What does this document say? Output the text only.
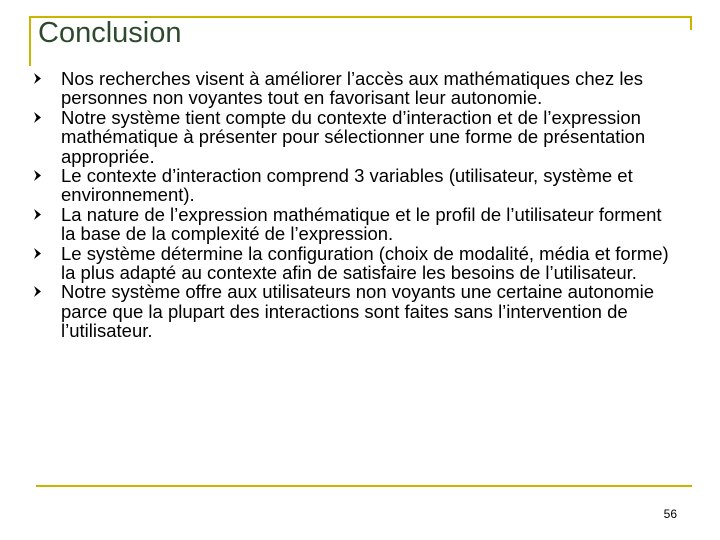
Conclusion
Nos recherches visent à améliorer l’accès aux mathématiques chez les personnes non voyantes tout en favorisant leur autonomie.
Notre système tient compte du contexte d’interaction et de l’expression mathématique à présenter pour sélectionner une forme de présentation appropriée.
Le contexte d’interaction comprend 3 variables (utilisateur, système et environnement).
La nature de l’expression mathématique et le profil de l’utilisateur forment la base de la complexité de l’expression.
Le système détermine la configuration (choix de modalité, média et forme) la plus adapté au contexte afin de satisfaire les besoins de l’utilisateur.
Notre système offre aux utilisateurs non voyants une certaine autonomie parce que la plupart des interactions sont faites sans l’intervention de l’utilisateur.
56
